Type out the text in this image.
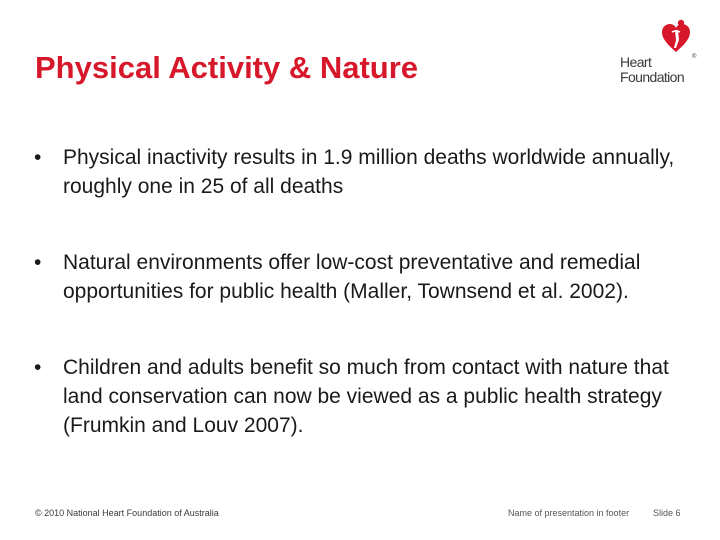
Physical Activity & Nature	Heart
Foundation
®
• Physical inactivity results in 1.9 million deaths worldwide annually, roughly one in 25 of all deaths
• Natural environments offer low-cost preventative and remedial opportunities for public health (Maller, Townsend et al. 2002).
• Children and adults benefit so much from contact with nature that land conservation can now be viewed as a public health strategy (Frumkin and Louv 2007).
© 2010 National Heart Foundation of Australia	Name of presentation in footer	Slide 6
